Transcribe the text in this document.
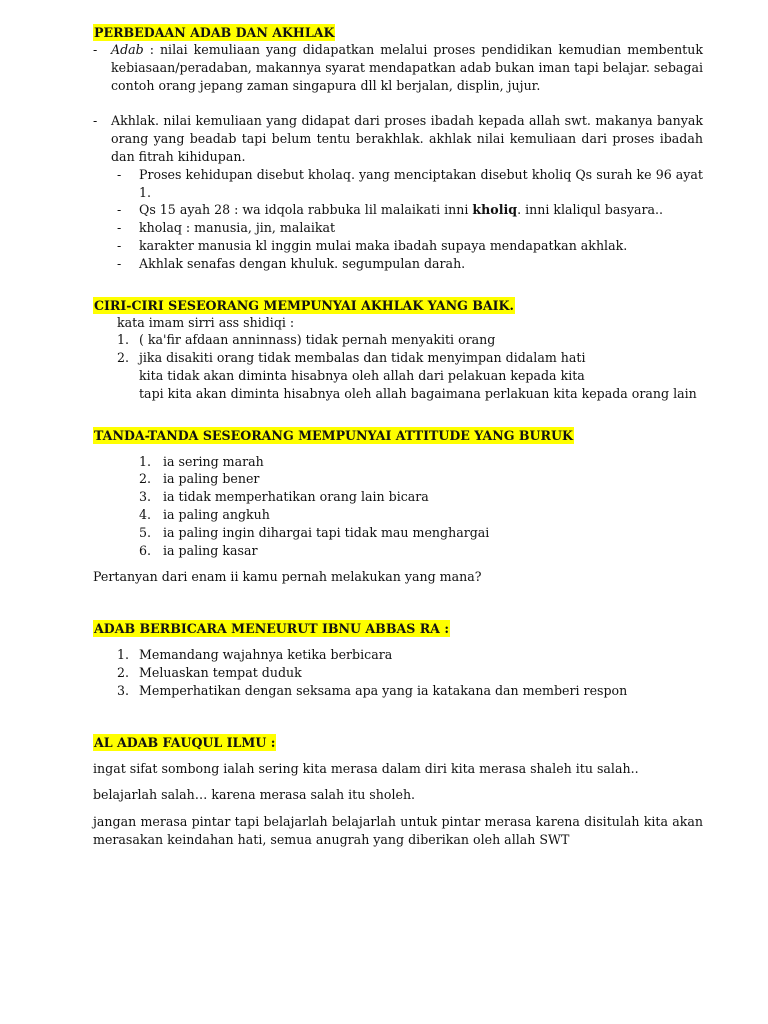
PERBEDAAN ADAB DAN AKHLAK
- Adab : nilai kemuliaan yang didapatkan melalui proses pendidikan kemudian membentuk kebiasaan/peradaban, makannya syarat mendapatkan adab bukan iman tapi belajar. sebagai contoh orang jepang zaman singapura dll kl berjalan, displin, jujur.
- Akhlak. nilai kemuliaan yang didapat dari proses ibadah kepada allah swt. makanya banyak orang yang beadab tapi belum tentu berakhlak. akhlak nilai kemuliaan dari proses ibadah dan fitrah kihidupan.
- Proses kehidupan disebut kholaq. yang menciptakan disebut kholiq Qs surah ke 96 ayat 1.
- Qs 15 ayah 28 : wa idqola rabbuka lil malaikati inni kholiq. inni klaliqul basyara..
- kholaq : manusia, jin, malaikat
- karakter manusia kl inggin mulai maka ibadah supaya mendapatkan akhlak.
- Akhlak senafas dengan khuluk. segumpulan darah.
CIRI-CIRI SESEORANG MEMPUNYAI AKHLAK YANG BAIK.
kata imam sirri ass shidiqi :
1. ( ka'fir afdaan anninnass) tidak pernah menyakiti orang
2. jika disakiti orang tidak membalas dan tidak menyimpan didalam hati
kita tidak akan diminta hisabnya oleh allah dari pelakuan kepada kita
tapi kita akan diminta hisabnya oleh allah bagaimana perlakuan kita kepada orang lain
TANDA-TANDA SESEORANG MEMPUNYAI ATTITUDE YANG BURUK
1. ia sering marah
2. ia paling bener
3. ia tidak memperhatikan orang lain bicara
4. ia paling angkuh
5. ia paling ingin dihargai tapi tidak mau menghargai
6. ia paling kasar
Pertanyan dari enam ii kamu pernah melakukan yang mana?
ADAB BERBICARA MENEURUT IBNU ABBAS RA :
1. Memandang wajahnya ketika berbicara
2. Meluaskan tempat duduk
3. Memperhatikan dengan seksama apa yang ia katakana dan memberi respon
AL ADAB FAUQUL ILMU :
ingat sifat sombong ialah sering kita merasa dalam diri kita merasa shaleh itu salah..
belajarlah salah… karena merasa salah itu sholeh.
jangan merasa pintar tapi belajarlah belajarlah untuk pintar merasa karena disitulah kita akan merasakan keindahan hati, semua anugrah yang diberikan oleh allah SWT
